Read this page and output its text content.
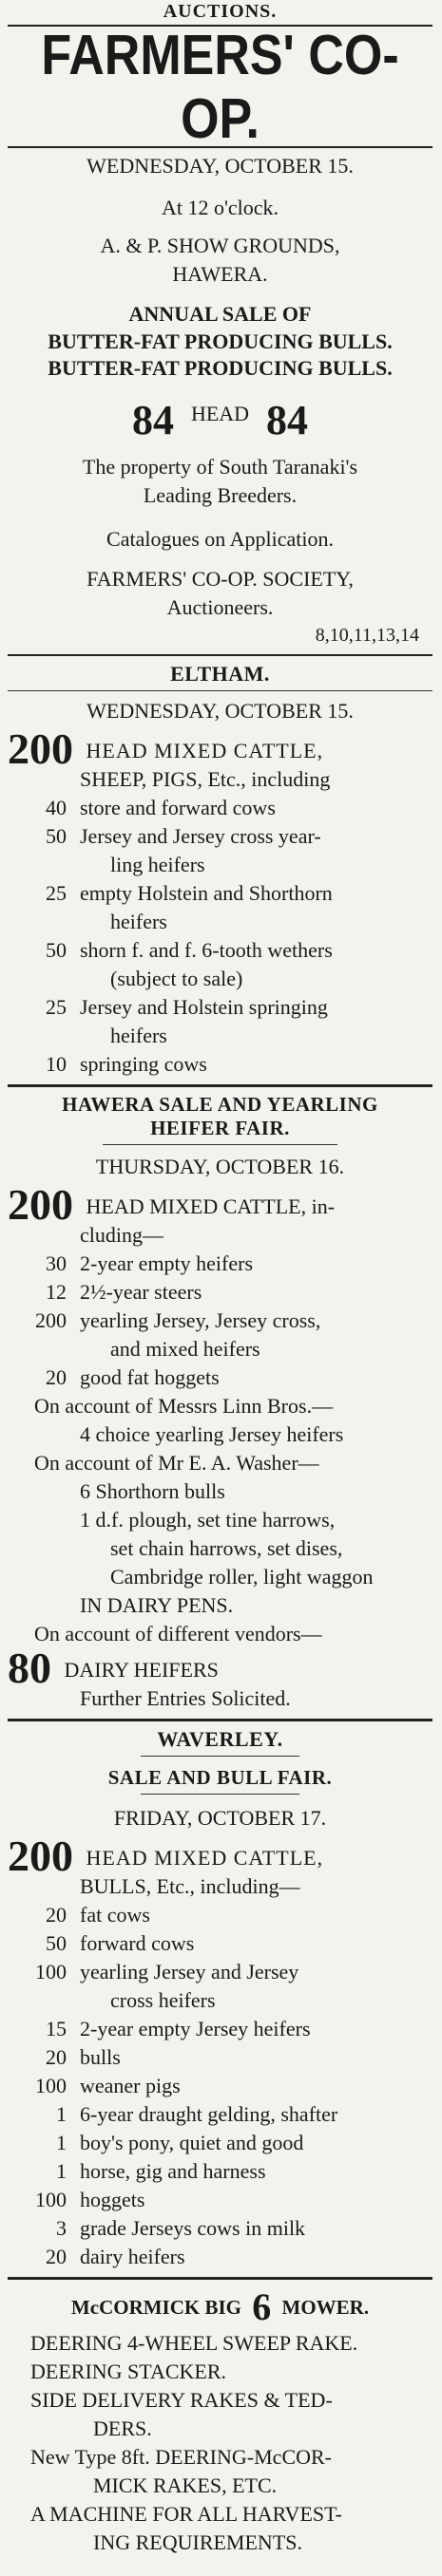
AUCTIONS.
FARMERS' CO-OP.
WEDNESDAY, OCTOBER 15.
At 12 o'clock.
A. & P. SHOW GROUNDS,
HAWERA.
ANNUAL SALE OF
BUTTER-FAT PRODUCING BULLS.
BUTTER-FAT PRODUCING BULLS.
84 HEAD 84
The property of South Taranaki's
Leading Breeders.
Catalogues on Application.
FARMERS' CO-OP. SOCIETY,
Auctioneers.
8,10,11,13,14
ELTHAM.
WEDNESDAY, OCTOBER 15.
200 HEAD MIXED CATTLE,
SHEEP, PIGS, Etc., including
40 store and forward cows
50 Jersey and Jersey cross year-
ling heifers
25 empty Holstein and Shorthorn
heifers
50 shorn f. and f. 6-tooth wethers
(subject to sale)
25 Jersey and Holstein springing
heifers
10 springing cows
HAWERA SALE AND YEARLING
HEIFER FAIR.
THURSDAY, OCTOBER 16.
200 HEAD MIXED CATTLE, in-
cluding—
30 2-year empty heifers
12 2½-year steers
200 yearling Jersey, Jersey cross,
and mixed heifers
20 good fat hoggets
On account of Messrs Linn Bros.—
4 choice yearling Jersey heifers
On account of Mr E. A. Washer—
6 Shorthorn bulls
1 d.f. plough, set tine harrows,
set chain harrows, set dises,
Cambridge roller, light waggon
IN DAIRY PENS.
On account of different vendors—
80 DAIRY HEIFERS
Further Entries Solicited.
WAVERLEY.
SALE AND BULL FAIR.
FRIDAY, OCTOBER 17.
200 HEAD MIXED CATTLE,
BULLS, Etc., including—
20 fat cows
50 forward cows
100 yearling Jersey and Jersey
cross heifers
15 2-year empty Jersey heifers
20 bulls
100 weaner pigs
1 6-year draught gelding, shafter
1 boy's pony, quiet and good
1 horse, gig and harness
100 hoggets
3 grade Jerseys cows in milk
20 dairy heifers
McCORMICK BIG 6 MOWER.
DEERING 4-WHEEL SWEEP RAKE.
DEERING STACKER.
SIDE DELIVERY RAKES & TED-
DERS.
New Type 8ft. DEERING-McCOR-
MICK RAKES, ETC.
A MACHINE FOR ALL HARVEST-
ING REQUIREMENTS.
